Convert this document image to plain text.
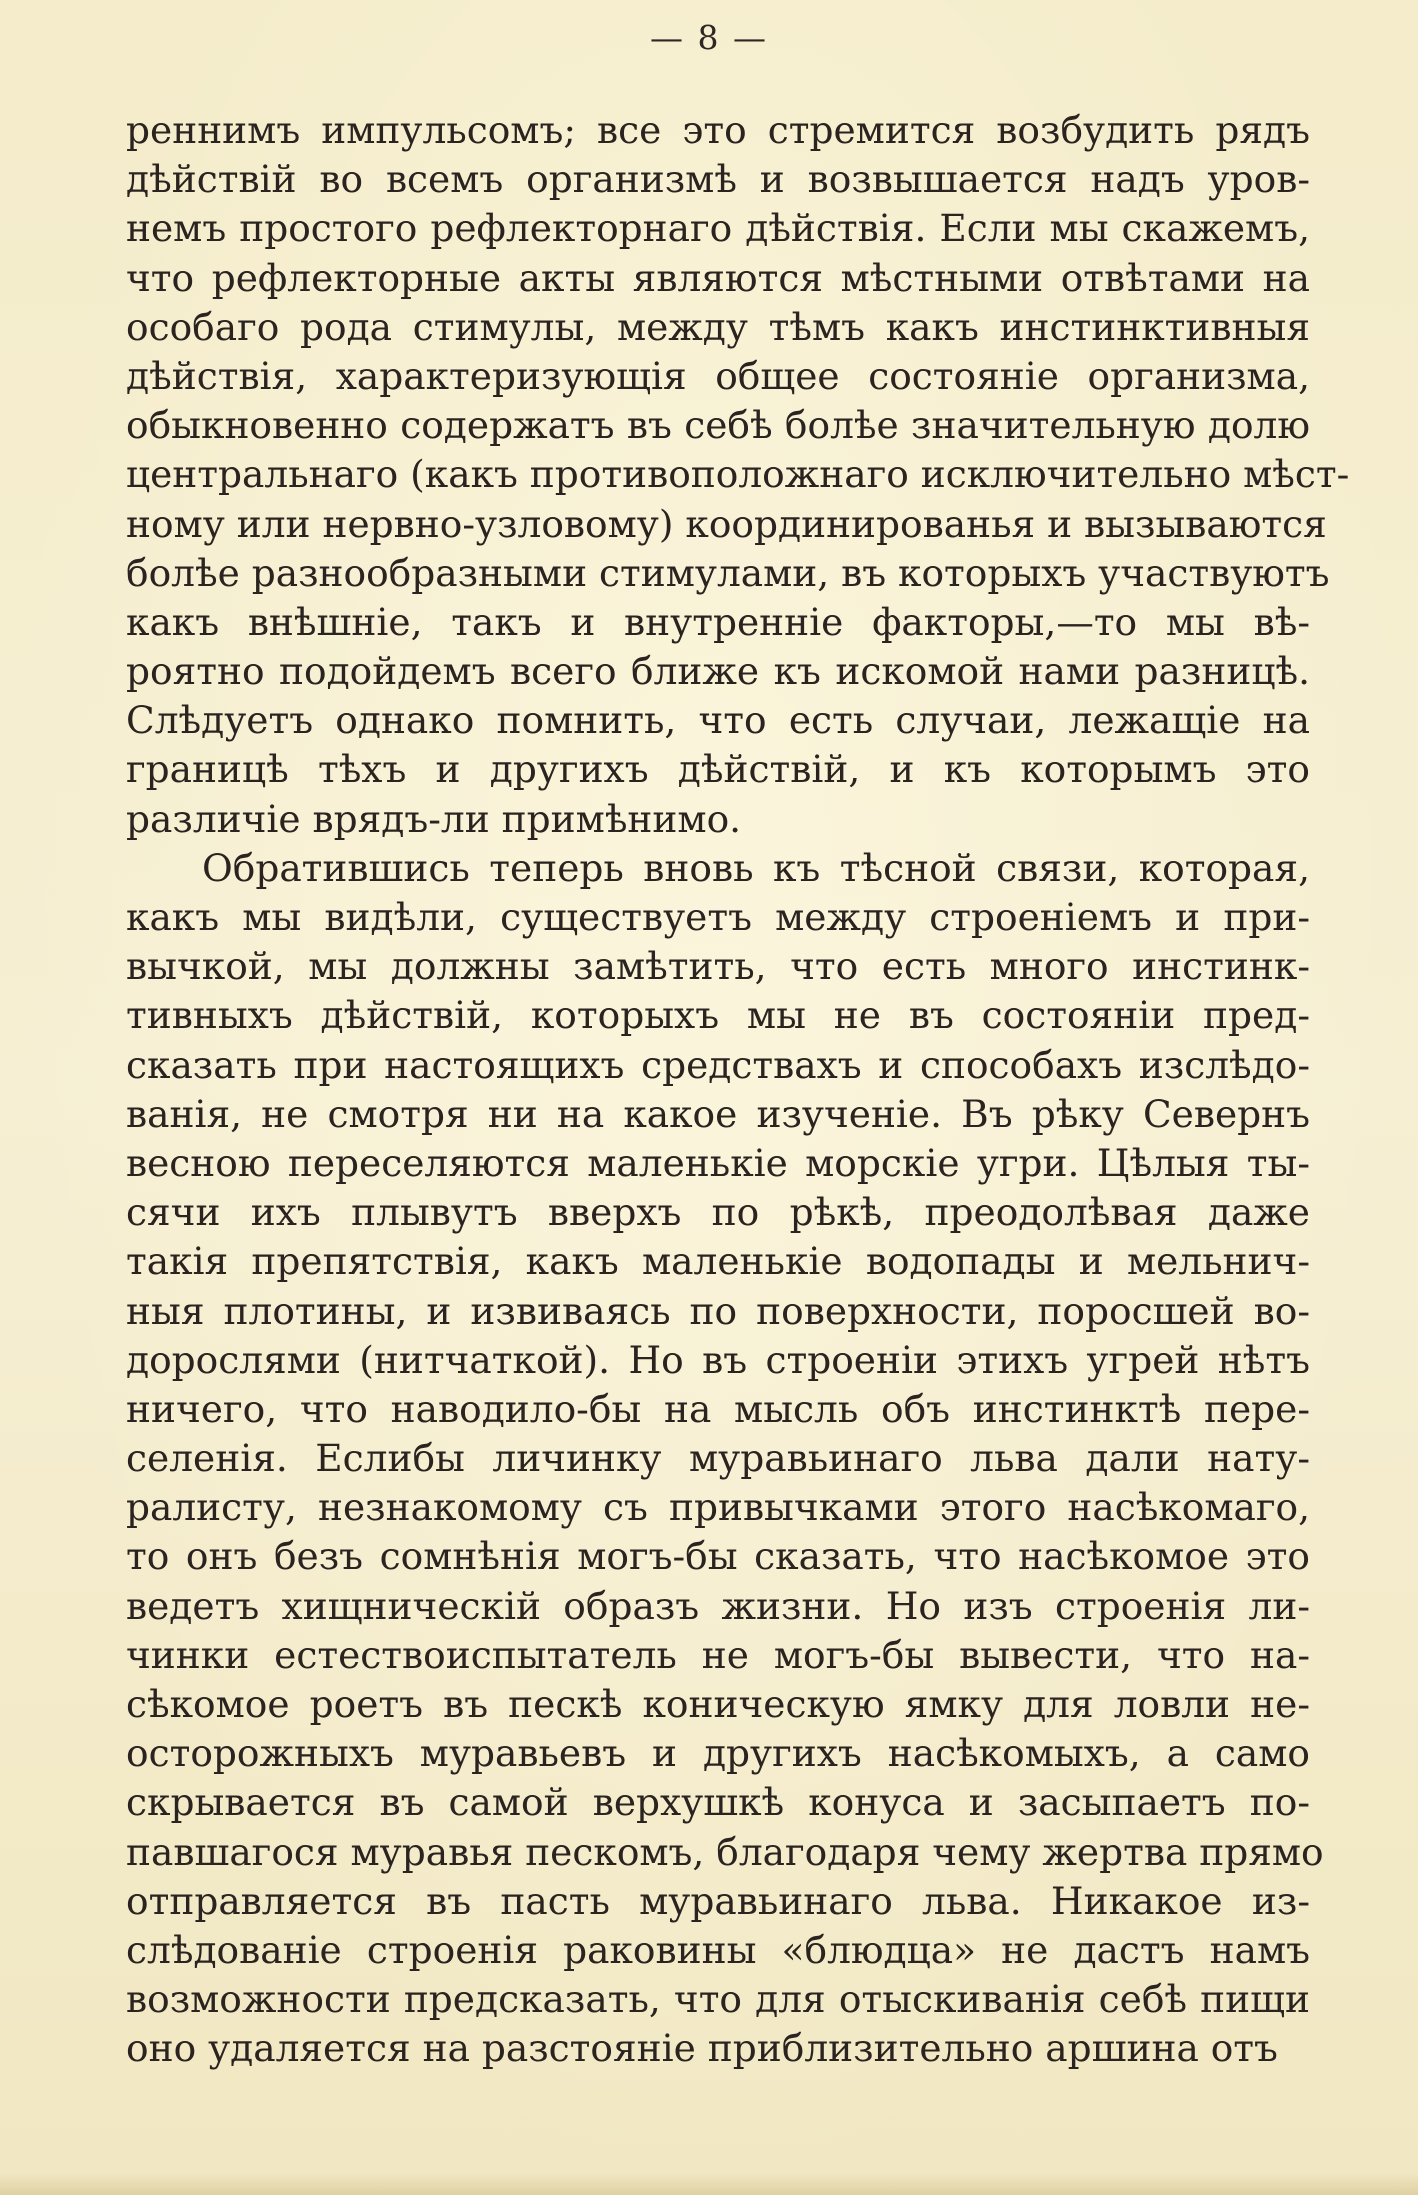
— 8 —
реннимъ импульсомъ; все это стремится возбудить рядъ
дѣйствій во всемъ организмѣ и возвышается надъ уров-
немъ простого рефлекторнаго дѣйствія. Если мы скажемъ,
что рефлекторные акты являются мѣстными отвѣтами на
особаго рода стимулы, между тѣмъ какъ инстинктивныя
дѣйствія, характеризующія общее состояніе организма,
обыкновенно содержатъ въ себѣ болѣе значительную долю
центральнаго (какъ противоположнаго исключительно мѣст-
ному или нервно-узловому) координированья и вызываются
болѣе разнообразными стимулами, въ которыхъ участвуютъ
какъ внѣшніе, такъ и внутренніе факторы,—то мы вѣ-
роятно подойдемъ всего ближе къ искомой нами разницѣ.
Слѣдуетъ однако помнить, что есть случаи, лежащіе на
границѣ тѣхъ и другихъ дѣйствій, и къ которымъ это
различіе врядъ-ли примѣнимо.
Обратившись теперь вновь къ тѣсной связи, которая,
какъ мы видѣли, существуетъ между строеніемъ и при-
вычкой, мы должны замѣтить, что есть много инстинк-
тивныхъ дѣйствій, которыхъ мы не въ состояніи пред-
сказать при настоящихъ средствахъ и способахъ изслѣдо-
ванія, не смотря ни на какое изученіе. Въ рѣку Севернъ
весною переселяются маленькіе морскіе угри. Цѣлыя ты-
сячи ихъ плывутъ вверхъ по рѣкѣ, преодолѣвая даже
такія препятствія, какъ маленькіе водопады и мельнич-
ныя плотины, и извиваясь по поверхности, поросшей во-
дорослями (нитчаткой). Но въ строеніи этихъ угрей нѣтъ
ничего, что наводило-бы на мысль объ инстинктѣ пере-
селенія. Еслибы личинку муравьинаго льва дали нату-
ралисту, незнакомому съ привычками этого насѣкомаго,
то онъ безъ сомнѣнія могъ-бы сказать, что насѣкомое это
ведетъ хищническій образъ жизни. Но изъ строенія ли-
чинки естествоиспытатель не могъ-бы вывести, что на-
сѣкомое роетъ въ пескѣ коническую ямку для ловли не-
осторожныхъ муравьевъ и другихъ насѣкомыхъ, а само
скрывается въ самой верхушкѣ конуса и засыпаетъ по-
павшагося муравья пескомъ, благодаря чему жертва прямо
отправляется въ пасть муравьинаго льва. Никакое из-
слѣдованіе строенія раковины «блюдца» не дастъ намъ
возможности предсказать, что для отыскиванія себѣ пищи
оно удаляется на разстояніе приблизительно аршина отъ
